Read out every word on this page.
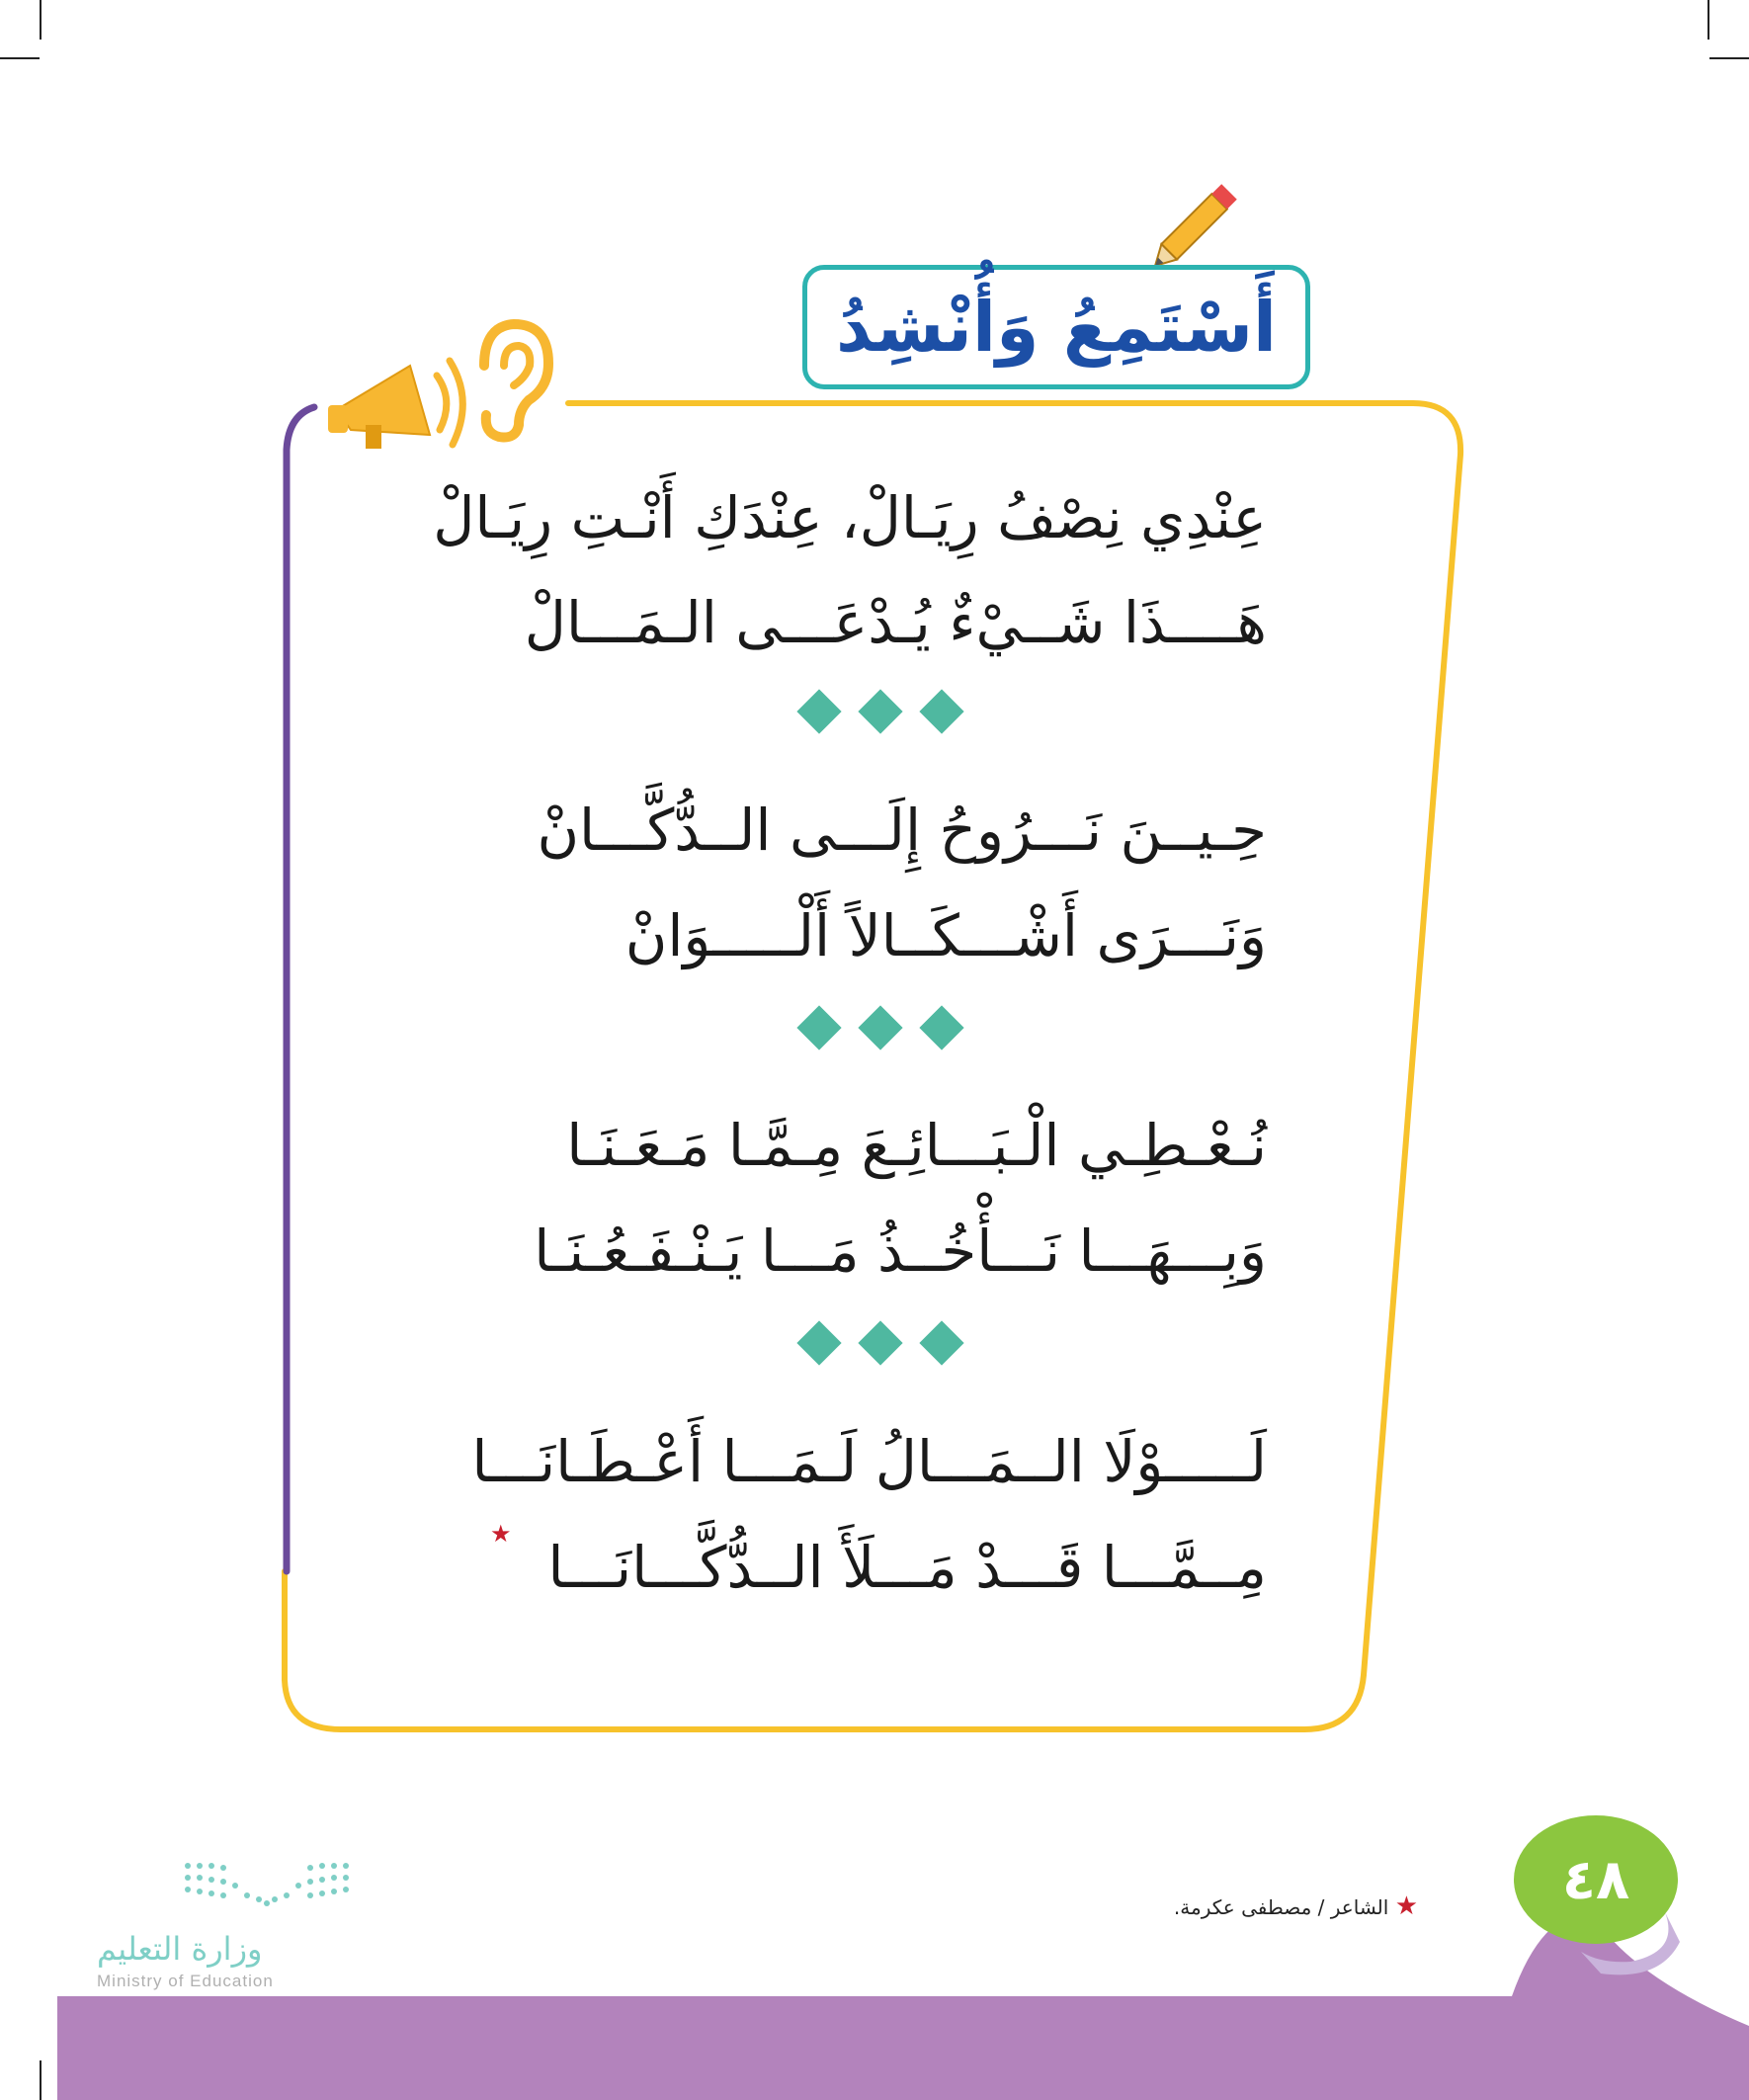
أَسْتَمِعُ وَأُنْشِدُ
عِنْدِي نِصْفُ رِيَـالْ، عِنْدَكِ أَنْـتِ رِيَـالْ
هَــــذَا شَــيْءٌ يُـدْعَـــى الـمَـــالْ
حِـيــنَ نَـــرُوحُ إِلَـــى الــدُّكَّـــانْ
وَنَـــرَى أَشْـــكَــالاً أَلْـــــوَانْ
نُـعْـطِـي الْـبَـــائِـعَ مِـمَّـا مَـعَـنَـا
وَبِـــهَـــا نَـــأْخُــذُ مَـــا يَـنْـفَـعُـنَـا
لَـــــوْلَا الــمَـــالُ لَـمَـــا أَعْـطَـانَـــا
مِــمَّـــا قَـــدْ مَـــلَأَ الــدُّكَّـــانَـــا
★
٤٨
★ الشاعر / مصطفى عكرمة.
وزارة التعليم
Ministry of Education
